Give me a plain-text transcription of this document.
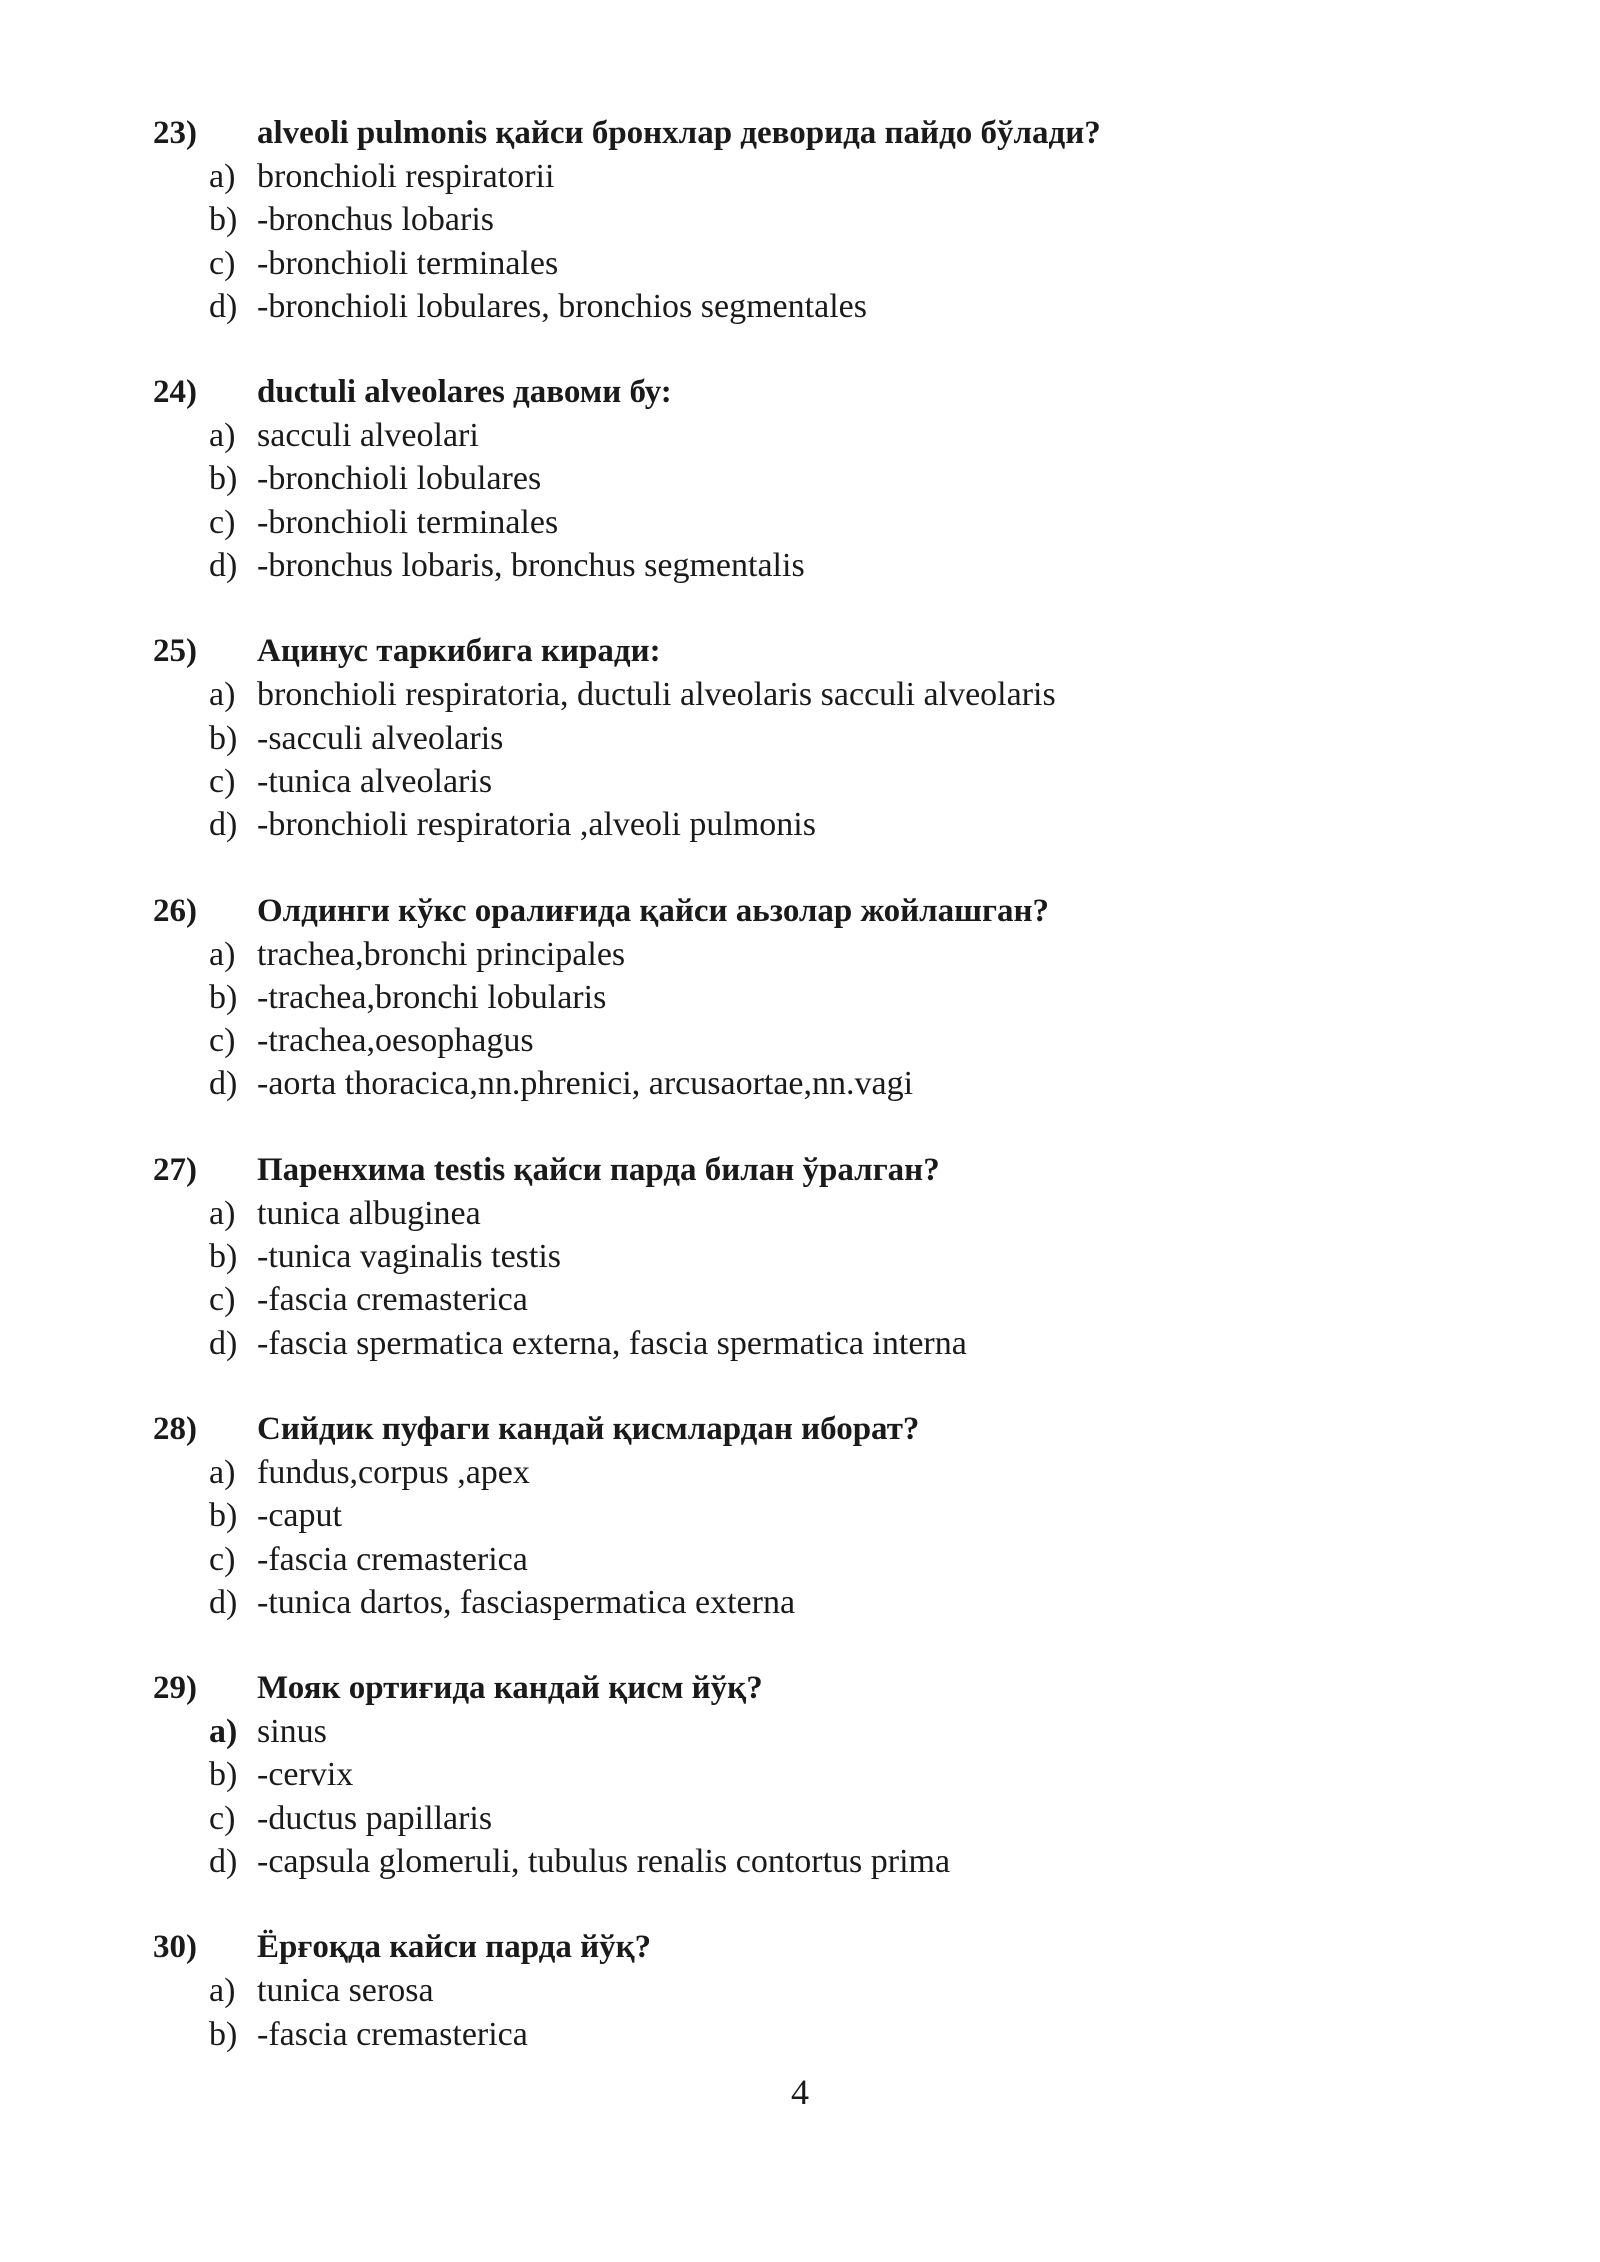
23)	alveoli pulmonis қайси бронхлар деворида пайдо бўлади?
a) bronchioli respiratorii
b) -bronchus lobaris
c) -bronchioli terminales
d) -bronchioli lobulares, bronchios segmentales
24)	ductuli alveolares давоми бу:
a) sacculi alveolari
b) -bronchioli lobulares
c) -bronchioli terminales
d) -bronchus lobaris, bronchus segmentalis
25)	Ацинус таркибига киради:
a) bronchioli respiratoria, ductuli alveolaris sacculi alveolaris
b) -sacculi alveolaris
c) -tunica alveolaris
d) -bronchioli respiratoria ,alveoli pulmonis
26)	Олдинги кўкс оралиғида қайси аьзолар жойлашган?
a) trachea,bronchi principales
b) -trachea,bronchi lobularis
c) -trachea,oesophagus
d) -aorta thoracica,nn.phrenici, arcusaortae,nn.vagi
27)	Паренхима testis қайси парда билан ўралган?
a) tunica albuginea
b) -tunica vaginalis testis
c) -fascia cremasterica
d) -fascia spermatica externa, fascia spermatica interna
28)	Сийдик пуфаги кандай қисмлардан иборат?
a) fundus,corpus ,apex
b) -caput
c) -fascia cremasterica
d) -tunica dartos, fasciaspermatica externa
29)	Мояк ортиғида кандай қисм йўқ?
a) sinus
b) -cervix
c) -ductus papillaris
d) -capsula glomeruli, tubulus renalis contortus prima
30)	Ёрғоқда кайси парда йўқ?
a) tunica serosa
b) -fascia cremasterica
4
